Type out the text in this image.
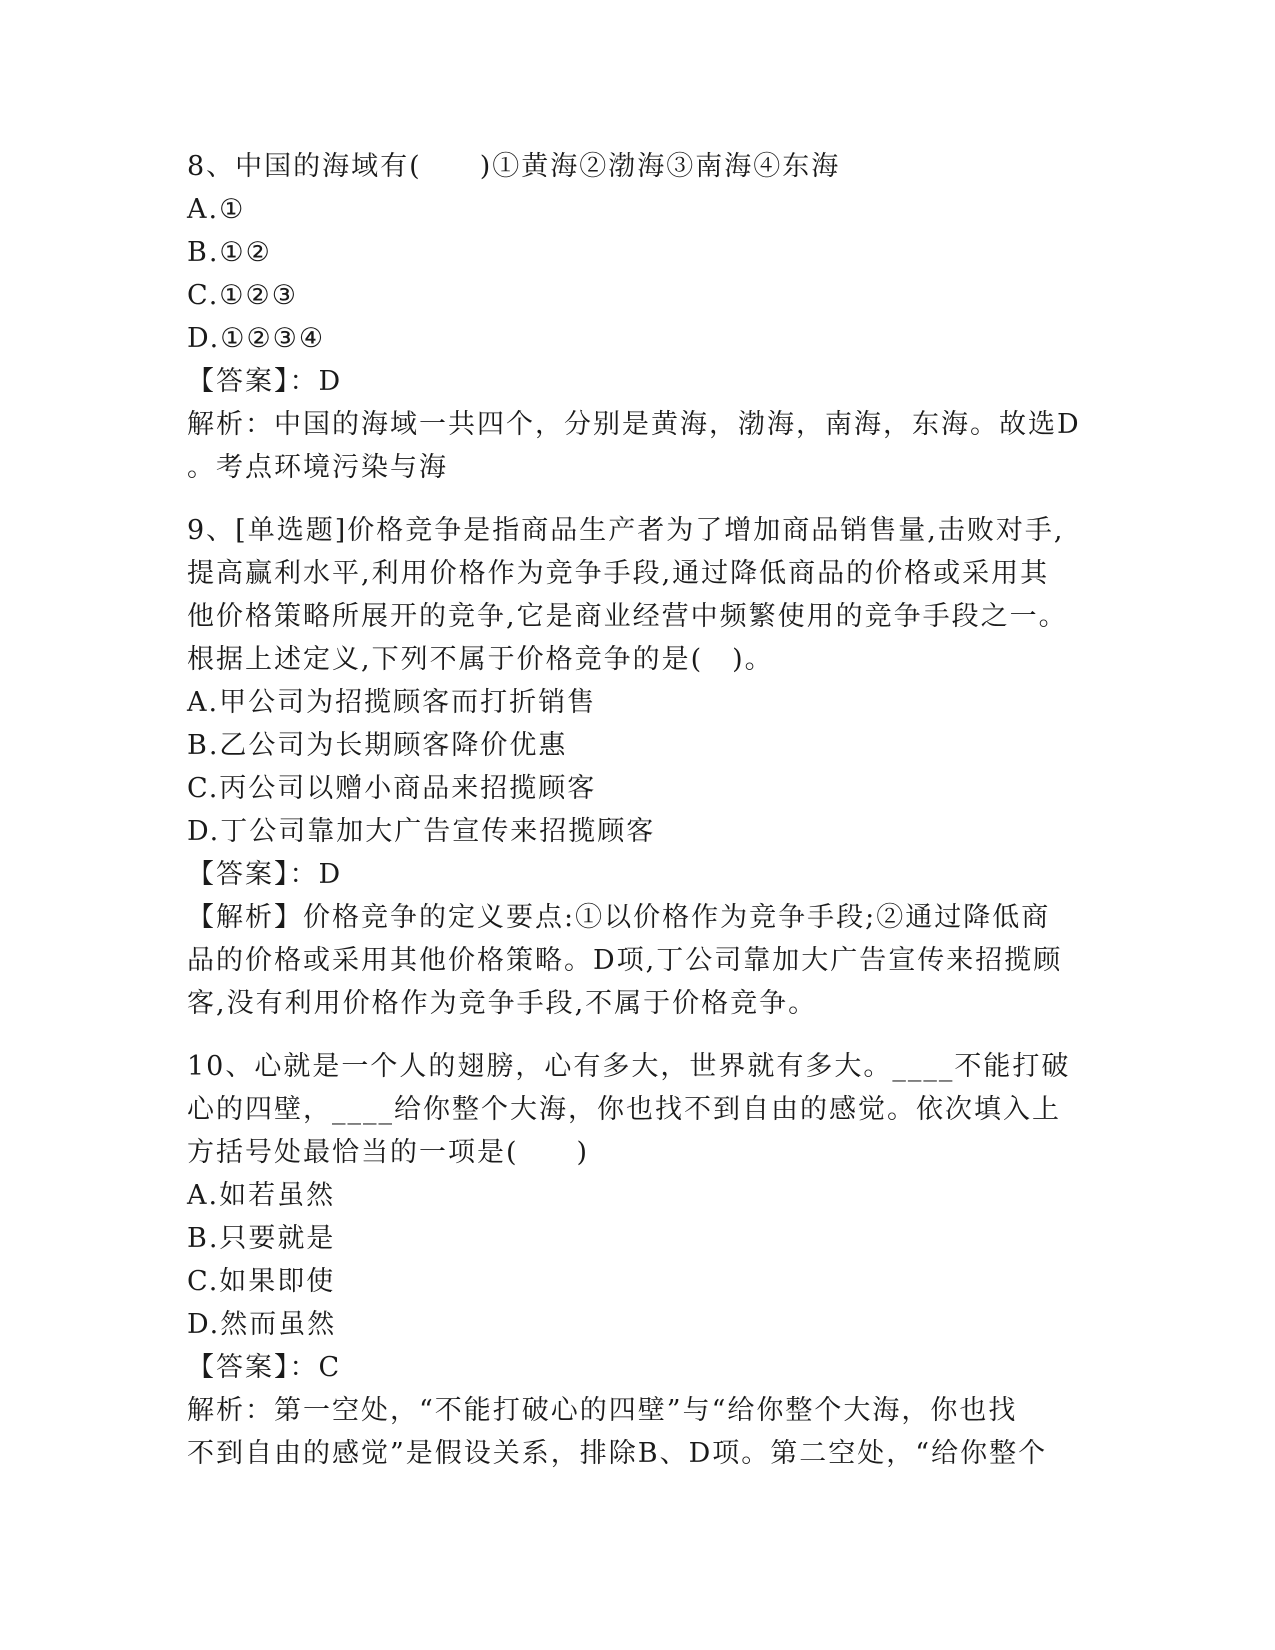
8、中国的海域有(　　)①黄海②渤海③南海④东海
A.①
B.①②
C.①②③
D.①②③④
【答案】：D
解析：中国的海域一共四个，分别是黄海，渤海，南海，东海。故选D
。考点环境污染与海
9、[单选题]价格竞争是指商品生产者为了增加商品销售量,击败对手,
提高赢利水平,利用价格作为竞争手段,通过降低商品的价格或采用其
他价格策略所展开的竞争,它是商业经营中频繁使用的竞争手段之一。
根据上述定义,下列不属于价格竞争的是(　)。
A.甲公司为招揽顾客而打折销售
B.乙公司为长期顾客降价优惠
C.丙公司以赠小商品来招揽顾客
D.丁公司靠加大广告宣传来招揽顾客
【答案】：D
【解析】价格竞争的定义要点:①以价格作为竞争手段;②通过降低商
品的价格或采用其他价格策略。D项,丁公司靠加大广告宣传来招揽顾
客,没有利用价格作为竞争手段,不属于价格竞争。
10、心就是一个人的翅膀，心有多大，世界就有多大。____不能打破
心的四壁，____给你整个大海，你也找不到自由的感觉。依次填入上
方括号处最恰当的一项是(　　)
A.如若虽然
B.只要就是
C.如果即使
D.然而虽然
【答案】：C
解析：第一空处，“不能打破心的四壁”与“给你整个大海，你也找
不到自由的感觉”是假设关系，排除B、D项。第二空处，“给你整个
